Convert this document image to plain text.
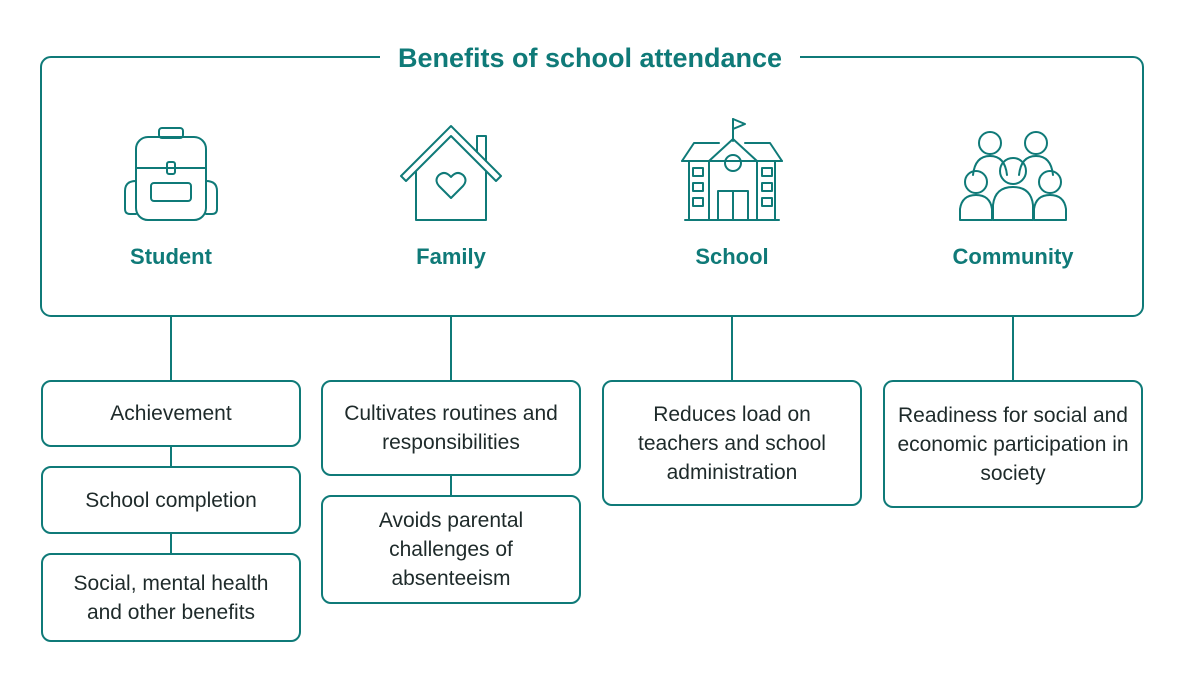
Benefits of school attendance
Student	Family	School	Community
Achievement
School completion
Social, mental health and other benefits
Cultivates routines and responsibilities
Avoids parental challenges of absenteeism
Reduces load on teachers and school administration
Readiness for social and economic participation in society
